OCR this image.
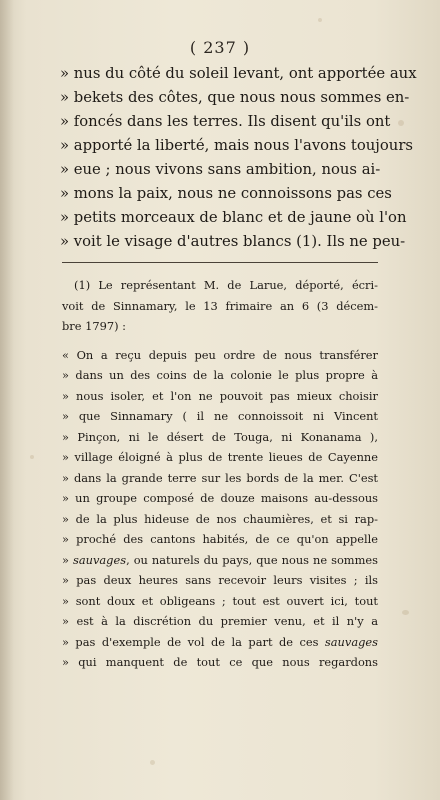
( 237 )
» nus du côté du soleil levant, ont apportée aux
» bekets des côtes, que nous nous sommes en-
» foncés dans les terres. Ils disent qu'ils ont
» apporté la liberté, mais nous l'avons toujours
» eue ; nous vivons sans ambition, nous ai-
» mons la paix, nous ne connoissons pas ces
» petits morceaux de blanc et de jaune où l'on
» voit le visage d'autres blancs (1). Ils ne peu-
(1) Le représentant M. de Larue, déporté, écri-
voit de Sinnamary, le 13 frimaire an 6 (3 décem-
bre 1797) :
« On a reçu depuis peu ordre de nous transférer
» dans un des coins de la colonie le plus propre à
» nous isoler, et l'on ne pouvoit pas mieux choisir
» que Sinnamary ( il ne connoissoit ni Vincent
» Pinçon, ni le désert de Touga, ni Konanama ),
» village éloigné à plus de trente lieues de Cayenne
» dans la grande terre sur les bords de la mer. C'est
» un groupe composé de douze maisons au-dessous
» de la plus hideuse de nos chaumières, et si rap-
» proché des cantons habités, de ce qu'on appelle
» sauvages, ou naturels du pays, que nous ne sommes
» pas deux heures sans recevoir leurs visites ; ils
» sont doux et obligeans ; tout est ouvert ici, tout
» est à la discrétion du premier venu, et il n'y a
» pas d'exemple de vol de la part de ces sauvages
» qui manquent de tout ce que nous regardons
